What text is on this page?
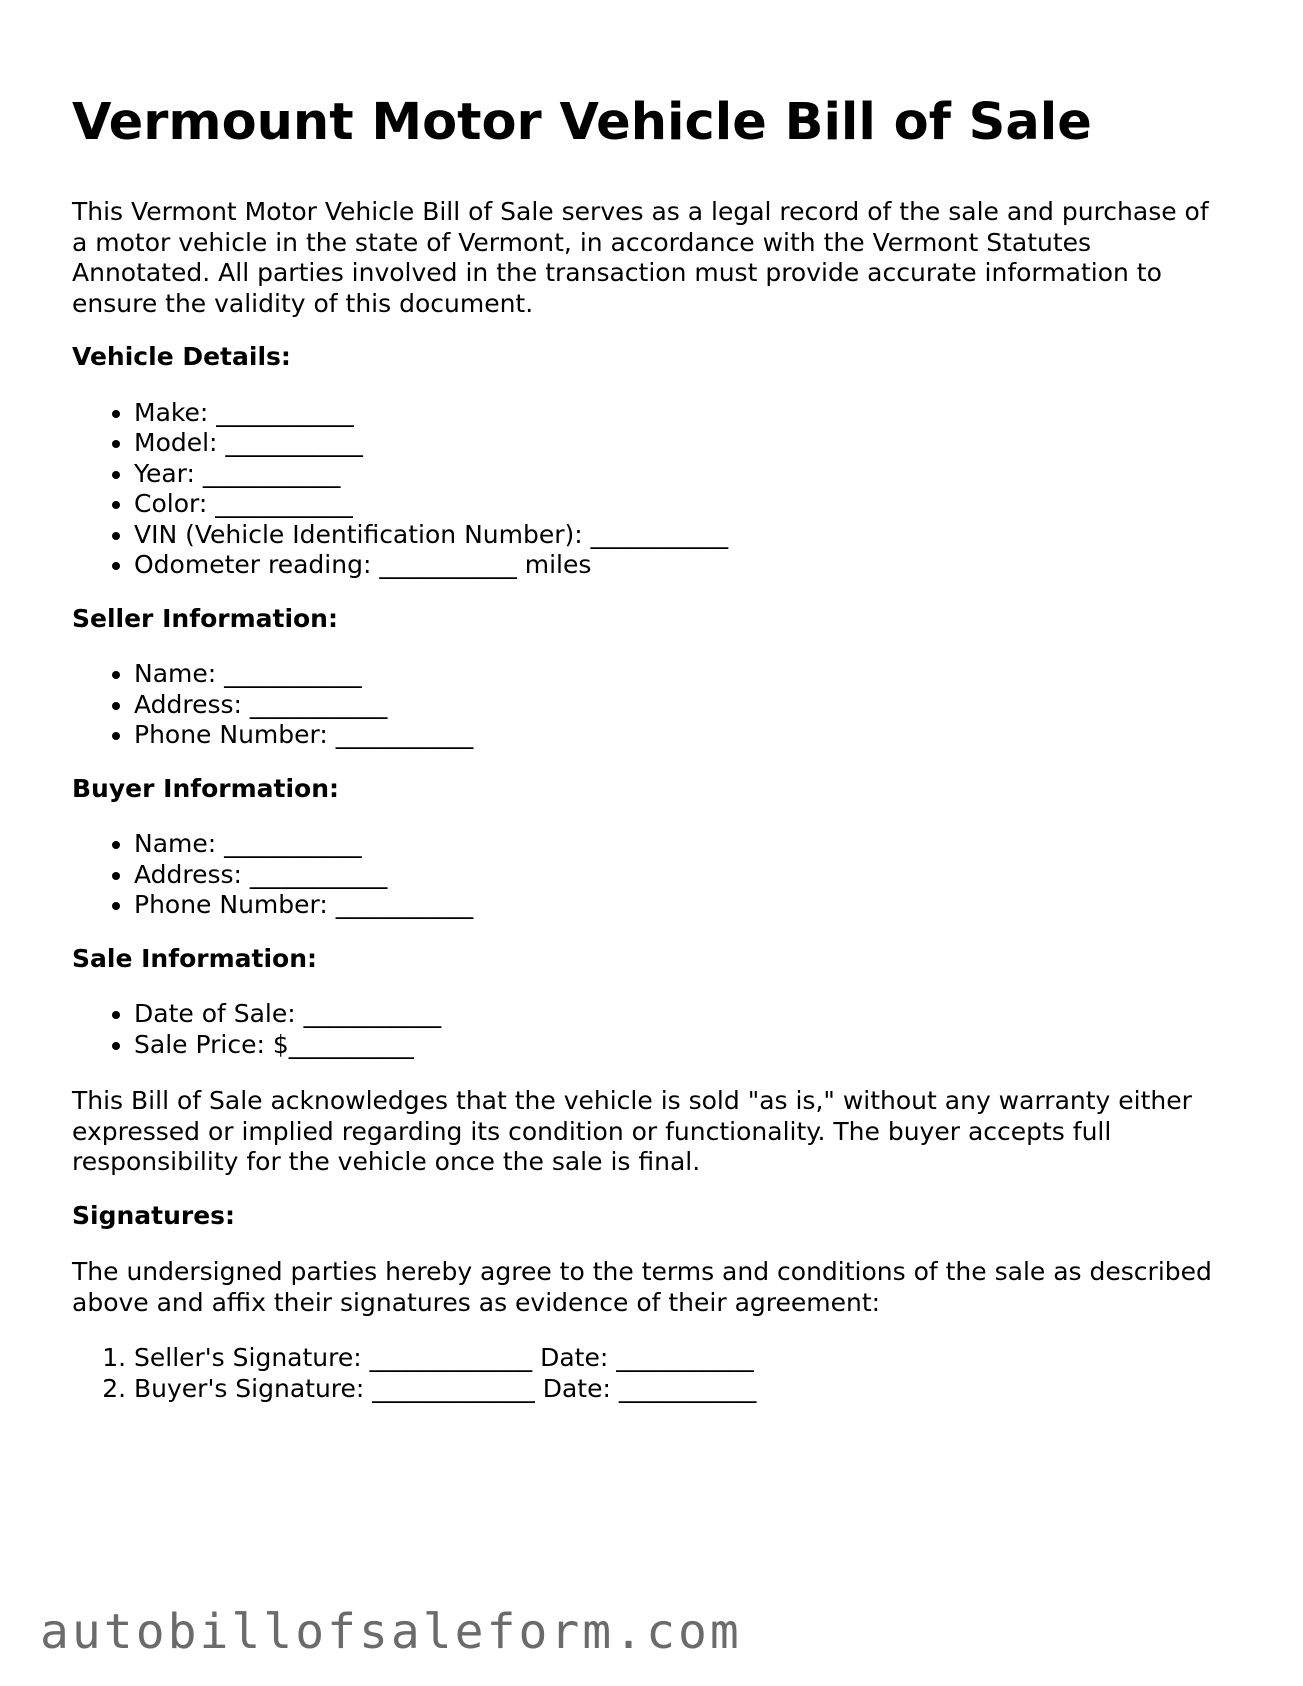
Vermount Motor Vehicle Bill of Sale

This Vermont Motor Vehicle Bill of Sale serves as a legal record of the sale and purchase of a motor vehicle in the state of Vermont, in accordance with the Vermont Statutes Annotated. All parties involved in the transaction must provide accurate information to ensure the validity of this document.

Vehicle Details:

• Make: ___________
• Model: ___________
• Year: ___________
• Color: ___________
• VIN (Vehicle Identification Number): ___________
• Odometer reading: ___________ miles

Seller Information:

• Name: ___________
• Address: ___________
• Phone Number: ___________

Buyer Information:

• Name: ___________
• Address: ___________
• Phone Number: ___________

Sale Information:

• Date of Sale: ___________
• Sale Price: $__________

This Bill of Sale acknowledges that the vehicle is sold "as is," without any warranty either expressed or implied regarding its condition or functionality. The buyer accepts full responsibility for the vehicle once the sale is final.

Signatures:

The undersigned parties hereby agree to the terms and conditions of the sale as described above and affix their signatures as evidence of their agreement:

1. Seller's Signature: _____________ Date: ___________
2. Buyer's Signature: _____________ Date: ___________
autobillofsaleform.com
